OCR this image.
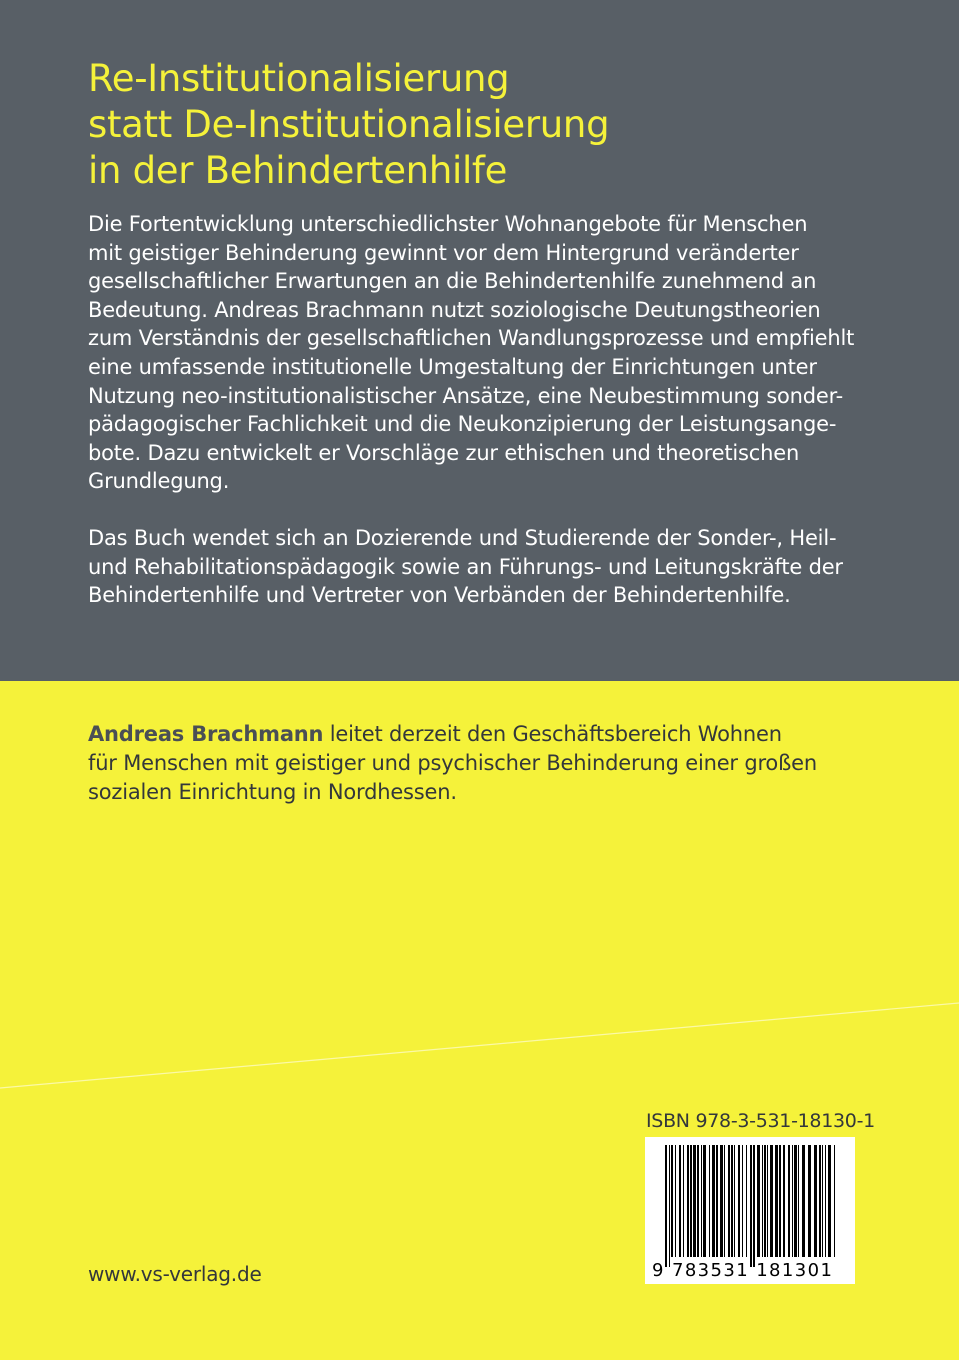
Re-Institutionalisierung
statt De-Institutionalisierung
in der Behindertenhilfe

Die Fortentwicklung unterschiedlichster Wohnangebote für Menschen
mit geistiger Behinderung gewinnt vor dem Hintergrund veränderter
gesellschaftlicher Erwartungen an die Behindertenhilfe zunehmend an
Bedeutung. Andreas Brachmann nutzt soziologische Deutungstheorien
zum Verständnis der gesellschaftlichen Wandlungsprozesse und empfiehlt
eine umfassende institutionelle Umgestaltung der Einrichtungen unter
Nutzung neo-institutionalistischer Ansätze, eine Neubestimmung sonder-
pädagogischer Fachlichkeit und die Neukonzipierung der Leistungsange-
bote. Dazu entwickelt er Vorschläge zur ethischen und theoretischen
Grundlegung.

Das Buch wendet sich an Dozierende und Studierende der Sonder-, Heil-
und Rehabilitationspädagogik sowie an Führungs- und Leitungskräfte der
Behindertenhilfe und Vertreter von Verbänden der Behindertenhilfe.

Andreas Brachmann leitet derzeit den Geschäftsbereich Wohnen
für Menschen mit geistiger und psychischer Behinderung einer großen
sozialen Einrichtung in Nordhessen.

ISBN 978-3-531-18130-1
9 783531 181301
www.vs-verlag.de
